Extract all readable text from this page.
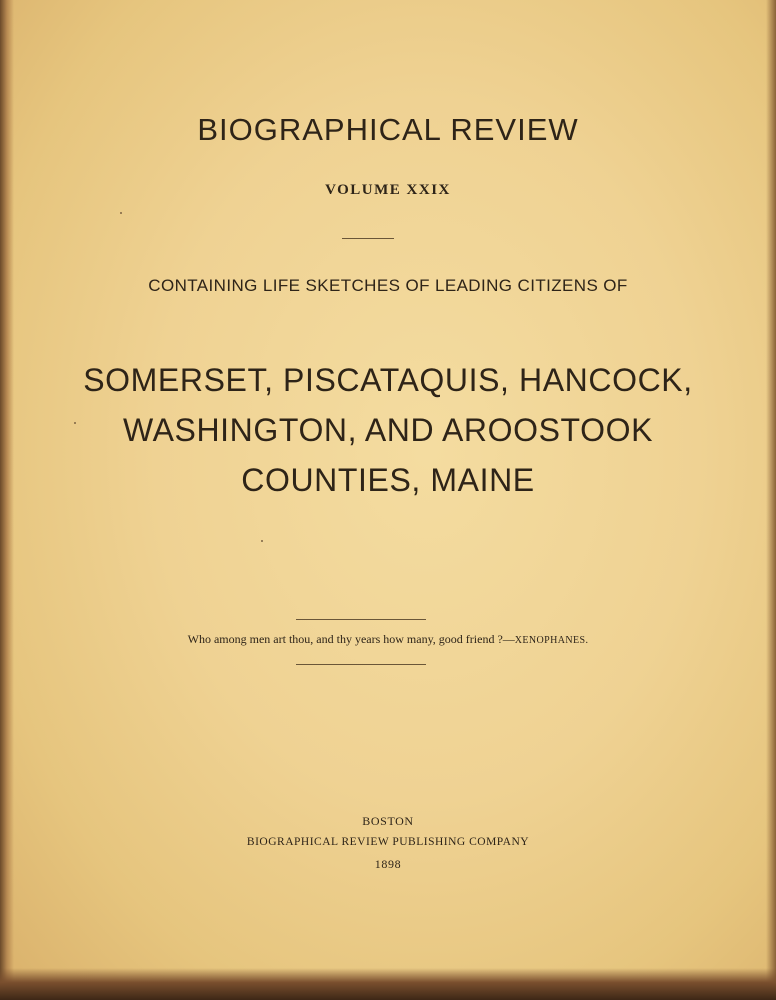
BIOGRAPHICAL REVIEW
VOLUME XXIX
CONTAINING LIFE SKETCHES OF LEADING CITIZENS OF
SOMERSET, PISCATAQUIS, HANCOCK,
WASHINGTON, AND AROOSTOOK
COUNTIES, MAINE
Who among men art thou, and thy years how many, good friend ?—XENOPHANES.
BOSTON
BIOGRAPHICAL REVIEW PUBLISHING COMPANY
1898
